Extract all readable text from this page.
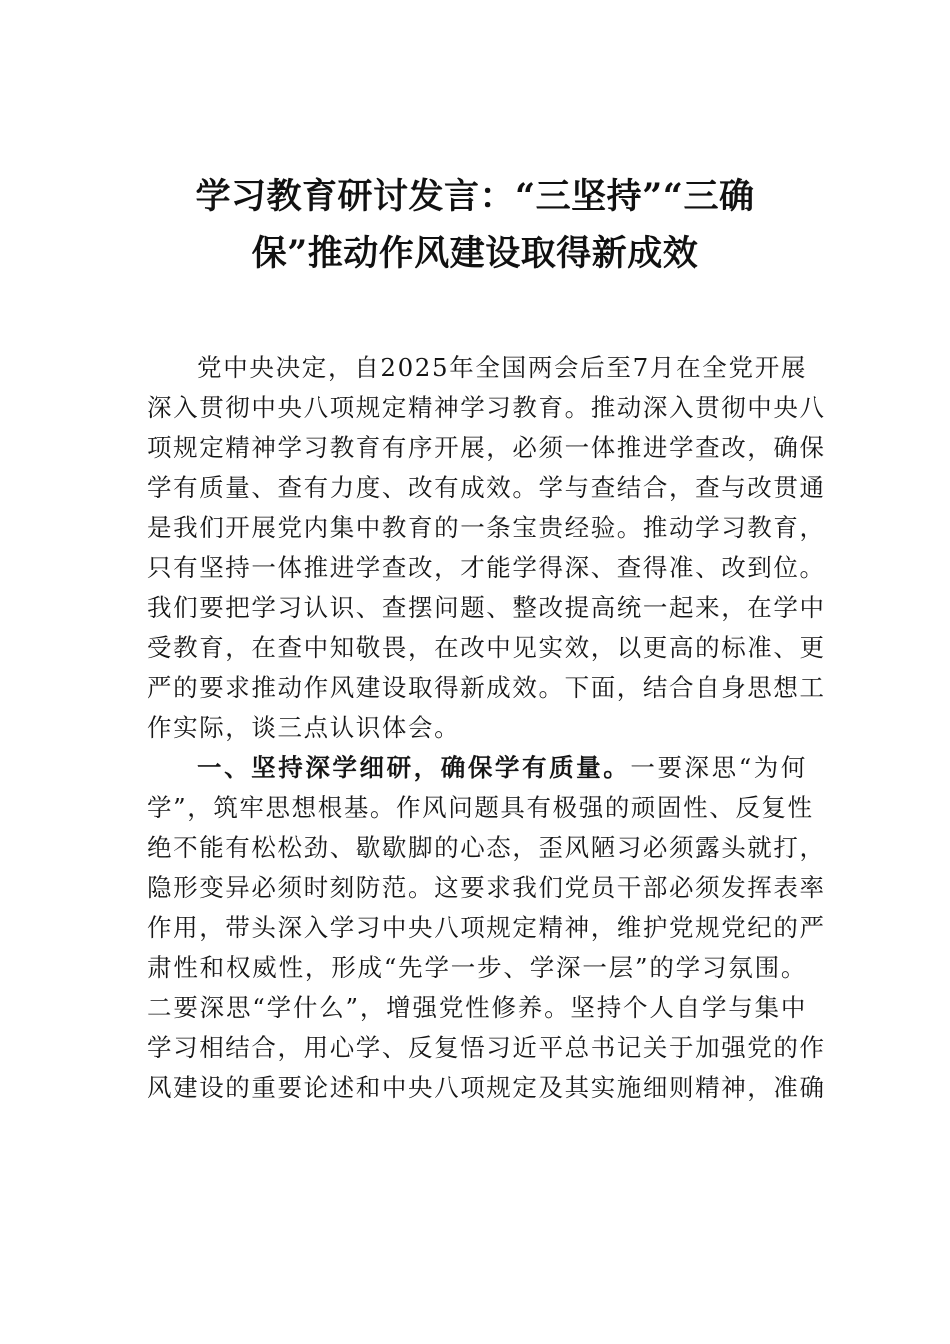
学习教育研讨发言：“三坚持”“三确
保”推动作风建设取得新成效
党中央决定，自2025年全国两会后至7月在全党开展
深入贯彻中央八项规定精神学习教育。推动深入贯彻中央八
项规定精神学习教育有序开展，必须一体推进学查改，确保
学有质量、查有力度、改有成效。学与查结合，查与改贯通
是我们开展党内集中教育的一条宝贵经验。推动学习教育，
只有坚持一体推进学查改，才能学得深、查得准、改到位。
我们要把学习认识、查摆问题、整改提高统一起来，在学中
受教育，在查中知敬畏，在改中见实效，以更高的标准、更
严的要求推动作风建设取得新成效。下面，结合自身思想工
作实际，谈三点认识体会。
一、坚持深学细研，确保学有质量。一要深思“为何
学”，筑牢思想根基。作风问题具有极强的顽固性、反复性
绝不能有松松劲、歇歇脚的心态，歪风陋习必须露头就打，
隐形变异必须时刻防范。这要求我们党员干部必须发挥表率
作用，带头深入学习中央八项规定精神，维护党规党纪的严
肃性和权威性，形成“先学一步、学深一层”的学习氛围。
二要深思“学什么”，增强党性修养。坚持个人自学与集中
学习相结合，用心学、反复悟习近平总书记关于加强党的作
风建设的重要论述和中央八项规定及其实施细则精神，准确
